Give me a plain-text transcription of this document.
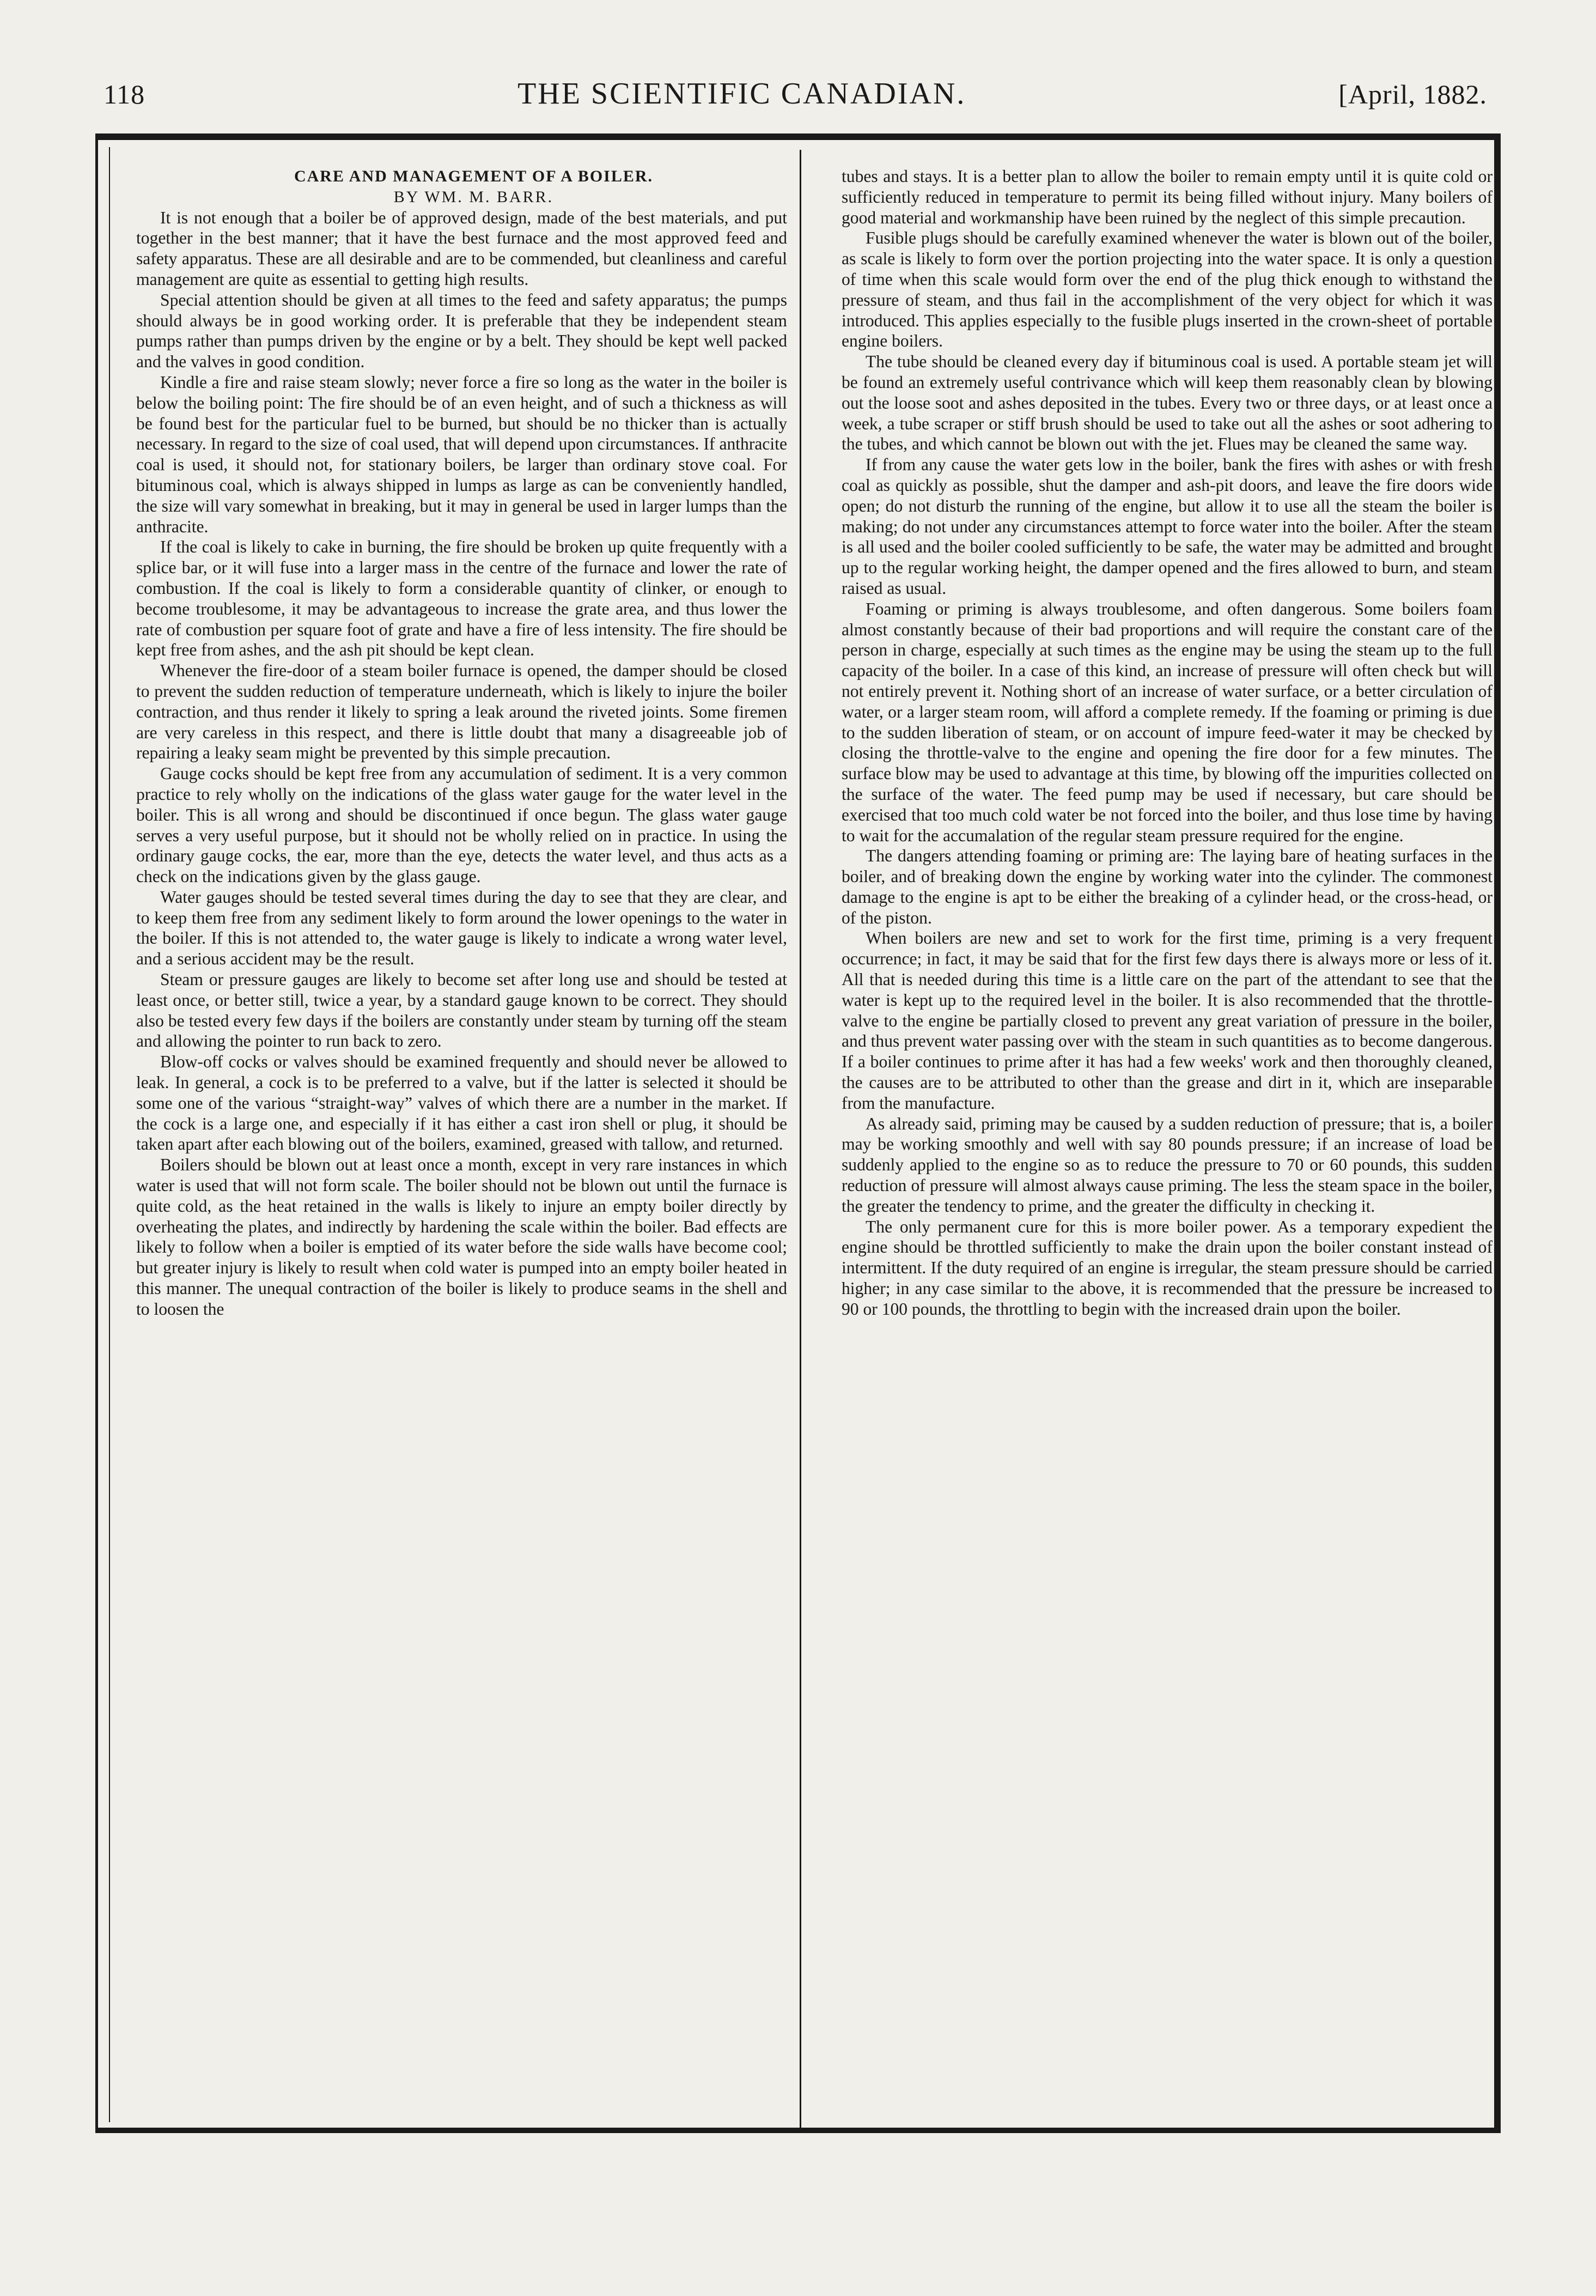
118	THE SCIENTIFIC CANADIAN.	[April, 1882.

CARE AND MANAGEMENT OF A BOILER.

BY WM. M. BARR.

It is not enough that a boiler be of approved design, made of the best materials, and put together in the best manner; that it have the best furnace and the most approved feed and safety apparatus. These are all desirable and are to be commended, but cleanliness and careful management are quite as essential to getting high results.

Special attention should be given at all times to the feed and safety apparatus; the pumps should always be in good working order. It is preferable that they be independent steam pumps rather than pumps driven by the engine or by a belt. They should be kept well packed and the valves in good condition.

Kindle a fire and raise steam slowly; never force a fire so long as the water in the boiler is below the boiling point: The fire should be of an even height, and of such a thickness as will be found best for the particular fuel to be burned, but should be no thicker than is actually necessary. In regard to the size of coal used, that will depend upon circumstances. If anthracite coal is used, it should not, for stationary boilers, be larger than ordinary stove coal. For bituminous coal, which is always shipped in lumps as large as can be conveniently handled, the size will vary somewhat in breaking, but it may in general be used in larger lumps than the anthracite.

If the coal is likely to cake in burning, the fire should be broken up quite frequently with a splice bar, or it will fuse into a larger mass in the centre of the furnace and lower the rate of combustion. If the coal is likely to form a considerable quantity of clinker, or enough to become troublesome, it may be advantageous to increase the grate area, and thus lower the rate of combustion per square foot of grate and have a fire of less intensity. The fire should be kept free from ashes, and the ash pit should be kept clean.

Whenever the fire-door of a steam boiler furnace is opened, the damper should be closed to prevent the sudden reduction of temperature underneath, which is likely to injure the boiler contraction, and thus render it likely to spring a leak around the riveted joints. Some firemen are very careless in this respect, and there is little doubt that many a disagreeable job of repairing a leaky seam might be prevented by this simple precaution.

Gauge cocks should be kept free from any accumulation of sediment. It is a very common practice to rely wholly on the indications of the glass water gauge for the water level in the boiler. This is all wrong and should be discontinued if once begun. The glass water gauge serves a very useful purpose, but it should not be wholly relied on in practice. In using the ordinary gauge cocks, the ear, more than the eye, detects the water level, and thus acts as a check on the indications given by the glass gauge.

Water gauges should be tested several times during the day to see that they are clear, and to keep them free from any sediment likely to form around the lower openings to the water in the boiler. If this is not attended to, the water gauge is likely to indicate a wrong water level, and a serious accident may be the result.

Steam or pressure gauges are likely to become set after long use and should be tested at least once, or better still, twice a year, by a standard gauge known to be correct. They should also be tested every few days if the boilers are constantly under steam by turning off the steam and allowing the pointer to run back to zero.

Blow-off cocks or valves should be examined frequently and should never be allowed to leak. In general, a cock is to be preferred to a valve, but if the latter is selected it should be some one of the various “straight-way” valves of which there are a number in the market. If the cock is a large one, and especially if it has either a cast iron shell or plug, it should be taken apart after each blowing out of the boilers, examined, greased with tallow, and returned.

Boilers should be blown out at least once a month, except in very rare instances in which water is used that will not form scale. The boiler should not be blown out until the furnace is quite cold, as the heat retained in the walls is likely to injure an empty boiler directly by overheating the plates, and indirectly by hardening the scale within the boiler. Bad effects are likely to follow when a boiler is emptied of its water before the side walls have become cool; but greater injury is likely to result when cold water is pumped into an empty boiler heated in this manner. The unequal contraction of the boiler is likely to produce seams in the shell and to loosen the

tubes and stays. It is a better plan to allow the boiler to remain empty until it is quite cold or sufficiently reduced in temperature to permit its being filled without injury. Many boilers of good material and workmanship have been ruined by the neglect of this simple precaution.

Fusible plugs should be carefully examined whenever the water is blown out of the boiler, as scale is likely to form over the portion projecting into the water space. It is only a question of time when this scale would form over the end of the plug thick enough to withstand the pressure of steam, and thus fail in the accomplishment of the very object for which it was introduced. This applies especially to the fusible plugs inserted in the crown-sheet of portable engine boilers.

The tube should be cleaned every day if bituminous coal is used. A portable steam jet will be found an extremely useful contrivance which will keep them reasonably clean by blowing out the loose soot and ashes deposited in the tubes. Every two or three days, or at least once a week, a tube scraper or stiff brush should be used to take out all the ashes or soot adhering to the tubes, and which cannot be blown out with the jet. Flues may be cleaned the same way.

If from any cause the water gets low in the boiler, bank the fires with ashes or with fresh coal as quickly as possible, shut the damper and ash-pit doors, and leave the fire doors wide open; do not disturb the running of the engine, but allow it to use all the steam the boiler is making; do not under any circumstances attempt to force water into the boiler. After the steam is all used and the boiler cooled sufficiently to be safe, the water may be admitted and brought up to the regular working height, the damper opened and the fires allowed to burn, and steam raised as usual.

Foaming or priming is always troublesome, and often dangerous. Some boilers foam almost constantly because of their bad proportions and will require the constant care of the person in charge, especially at such times as the engine may be using the steam up to the full capacity of the boiler. In a case of this kind, an increase of pressure will often check but will not entirely prevent it. Nothing short of an increase of water surface, or a better circulation of water, or a larger steam room, will afford a complete remedy. If the foaming or priming is due to the sudden liberation of steam, or on account of impure feed-water it may be checked by closing the throttle-valve to the engine and opening the fire door for a few minutes. The surface blow may be used to advantage at this time, by blowing off the impurities collected on the surface of the water. The feed pump may be used if necessary, but care should be exercised that too much cold water be not forced into the boiler, and thus lose time by having to wait for the accumalation of the regular steam pressure required for the engine.

The dangers attending foaming or priming are: The laying bare of heating surfaces in the boiler, and of breaking down the engine by working water into the cylinder. The commonest damage to the engine is apt to be either the breaking of a cylinder head, or the cross-head, or of the piston.

When boilers are new and set to work for the first time, priming is a very frequent occurrence; in fact, it may be said that for the first few days there is always more or less of it. All that is needed during this time is a little care on the part of the attendant to see that the water is kept up to the required level in the boiler. It is also recommended that the throttle-valve to the engine be partially closed to prevent any great variation of pressure in the boiler, and thus prevent water passing over with the steam in such quantities as to become dangerous. If a boiler continues to prime after it has had a few weeks' work and then thoroughly cleaned, the causes are to be attributed to other than the grease and dirt in it, which are inseparable from the manufacture.

As already said, priming may be caused by a sudden reduction of pressure; that is, a boiler may be working smoothly and well with say 80 pounds pressure; if an increase of load be suddenly applied to the engine so as to reduce the pressure to 70 or 60 pounds, this sudden reduction of pressure will almost always cause priming. The less the steam space in the boiler, the greater the tendency to prime, and the greater the difficulty in checking it.

The only permanent cure for this is more boiler power. As a temporary expedient the engine should be throttled sufficiently to make the drain upon the boiler constant instead of intermittent. If the duty required of an engine is irregular, the steam pressure should be carried higher; in any case similar to the above, it is recommended that the pressure be increased to 90 or 100 pounds, the throttling to begin with the increased drain upon the boiler.
